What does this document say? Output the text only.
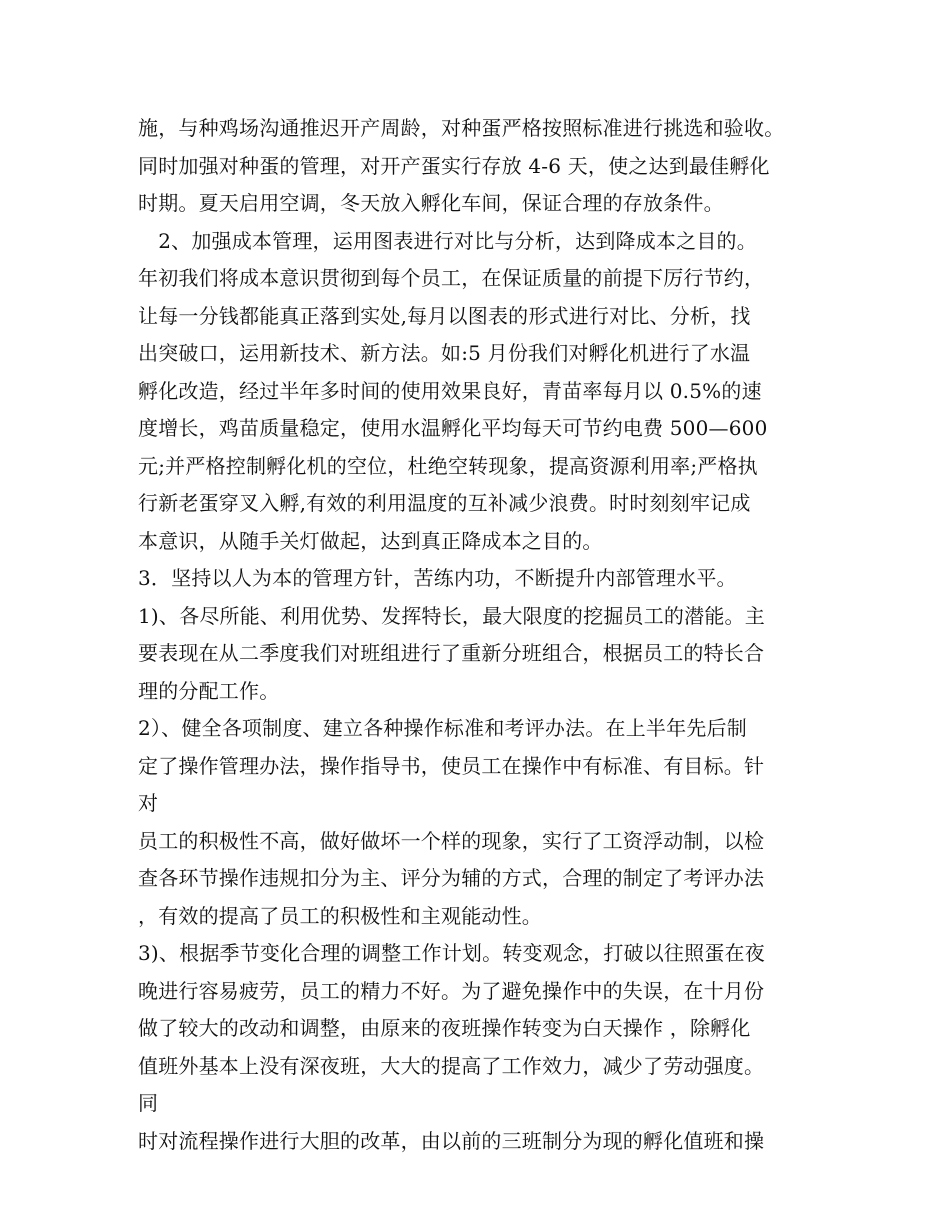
施，与种鸡场沟通推迟开产周龄，对种蛋严格按照标准进行挑选和验收。
同时加强对种蛋的管理，对开产蛋实行存放 4-6 天，使之达到最佳孵化
时期。夏天启用空调，冬天放入孵化车间，保证合理的存放条件。
　2、加强成本管理，运用图表进行对比与分析，达到降成本之目的。
年初我们将成本意识贯彻到每个员工，在保证质量的前提下厉行节约，
让每一分钱都能真正落到实处,每月以图表的形式进行对比、分析，找
出突破口，运用新技术、新方法。如:5 月份我们对孵化机进行了水温
孵化改造，经过半年多时间的使用效果良好，青苗率每月以 0.5%的速
度增长，鸡苗质量稳定，使用水温孵化平均每天可节约电费 500—600
元;并严格控制孵化机的空位，杜绝空转现象，提高资源利用率;严格执
行新老蛋穿叉入孵,有效的利用温度的互补减少浪费。时时刻刻牢记成
本意识，从随手关灯做起，达到真正降成本之目的。
3．坚持以人为本的管理方针，苦练内功，不断提升内部管理水平。
1)、各尽所能、利用优势、发挥特长，最大限度的挖掘员工的潜能。主
要表现在从二季度我们对班组进行了重新分班组合，根据员工的特长合
理的分配工作。
2）、健全各项制度、建立各种操作标准和考评办法。在上半年先后制
定了操作管理办法，操作指导书，使员工在操作中有标准、有目标。针
对
员工的积极性不高，做好做坏一个样的现象，实行了工资浮动制，以检
查各环节操作违规扣分为主、评分为辅的方式，合理的制定了考评办法
，有效的提高了员工的积极性和主观能动性。
3)、根据季节变化合理的调整工作计划。转变观念，打破以往照蛋在夜
晚进行容易疲劳，员工的精力不好。为了避免操作中的失误，在十月份
做了较大的改动和调整，由原来的夜班操作转变为白天操作 ，除孵化
值班外基本上没有深夜班，大大的提高了工作效力，减少了劳动强度。
同
时对流程操作进行大胆的改革，由以前的三班制分为现的孵化值班和操
